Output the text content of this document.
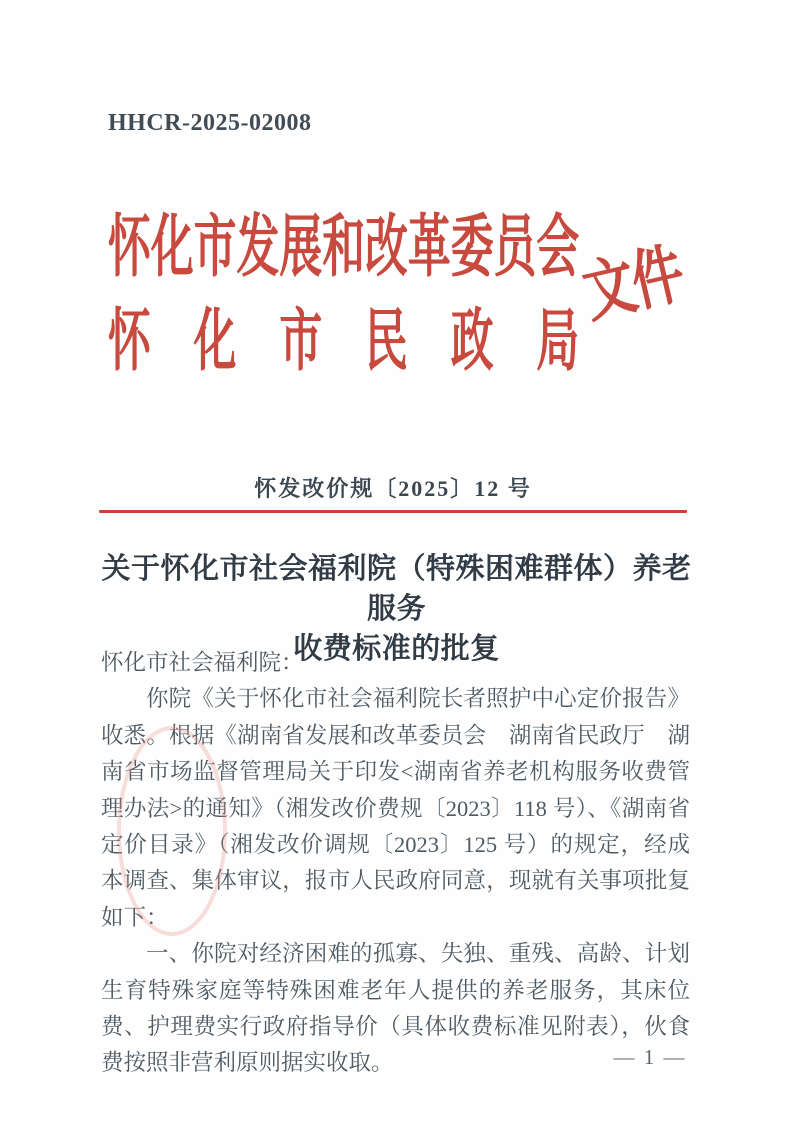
HHCR-2025-02008
怀化市发展和改革委员会
怀化市民政局
文件
怀发改价规〔2025〕12 号
关于怀化市社会福利院（特殊困难群体）养老服务
收费标准的批复

怀化市社会福利院：

你院《关于怀化市社会福利院长者照护中心定价报告》收悉。根据《湖南省发展和改革委员会　湖南省民政厅　湖南省市场监督管理局关于印发<湖南省养老机构服务收费管理办法>的通知》（湘发改价费规〔2023〕118 号）、《湖南省定价目录》（湘发改价调规〔2023〕125 号）的规定，经成本调查、集体审议，报市人民政府同意，现就有关事项批复如下：

一、你院对经济困难的孤寡、失独、重残、高龄、计划生育特殊家庭等特殊困难老年人提供的养老服务，其床位费、护理费实行政府指导价（具体收费标准见附表），伙食费按照非营利原则据实收取。	— 1 —
